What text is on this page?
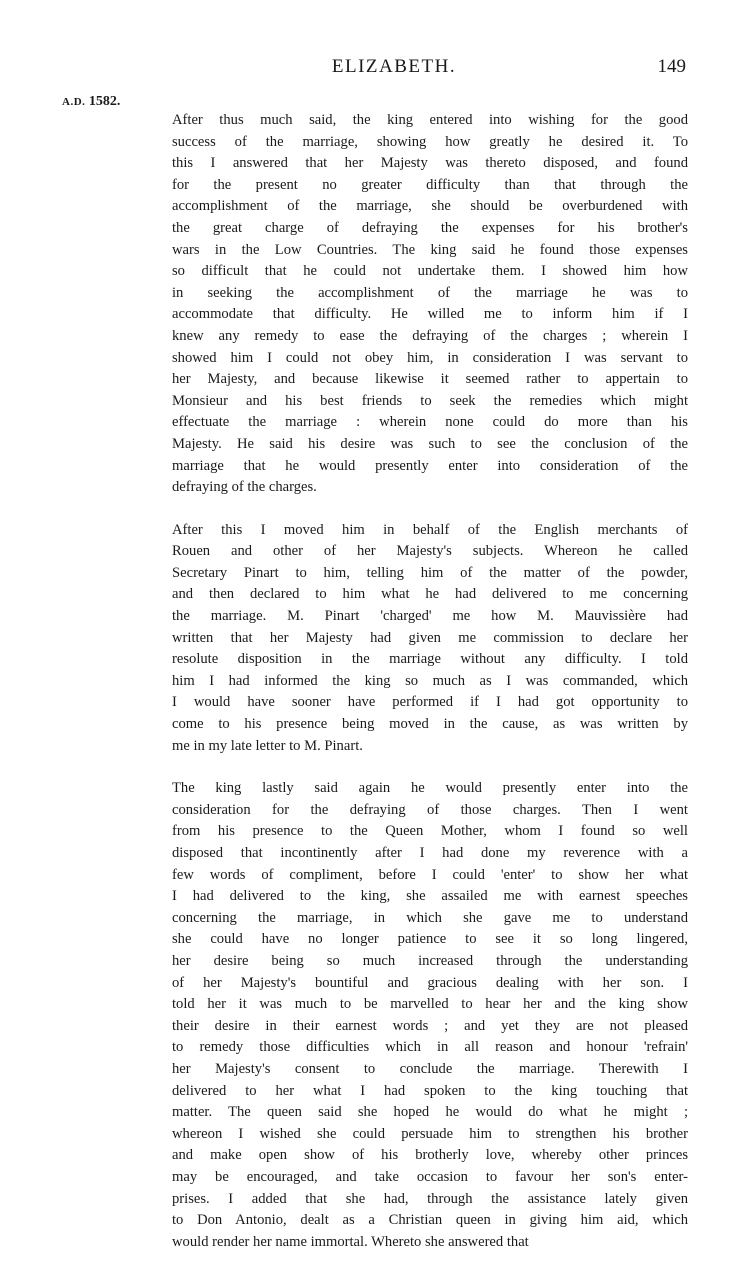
ELIZABETH.	149
A.D. 1582.

After thus much said, the king entered into wishing for the good
success of the marriage, showing how greatly he desired it. To
this I answered that her Majesty was thereto disposed, and found
for the present no greater difficulty than that through the
accomplishment of the marriage, she should be overburdened with
the great charge of defraying the expenses for his brother's
wars in the Low Countries. The king said he found those expenses
so difficult that he could not undertake them. I showed him how
in seeking the accomplishment of the marriage he was to
accommodate that difficulty. He willed me to inform him if I
knew any remedy to ease the defraying of the charges ; wherein I
showed him I could not obey him, in consideration I was servant to
her Majesty, and because likewise it seemed rather to appertain to
Monsieur and his best friends to seek the remedies which might
effectuate the marriage : wherein none could do more than his
Majesty. He said his desire was such to see the conclusion of the
marriage that he would presently enter into consideration of the
defraying of the charges.

After this I moved him in behalf of the English merchants of
Rouen and other of her Majesty's subjects. Whereon he called
Secretary Pinart to him, telling him of the matter of the powder,
and then declared to him what he had delivered to me concerning
the marriage. M. Pinart 'charged' me how M. Mauvissière had
written that her Majesty had given me commission to declare her
resolute disposition in the marriage without any difficulty. I told
him I had informed the king so much as I was commanded, which
I would have sooner have performed if I had got opportunity to
come to his presence being moved in the cause, as was written by
me in my late letter to M. Pinart.

The king lastly said again he would presently enter into the
consideration for the defraying of those charges. Then I went
from his presence to the Queen Mother, whom I found so well
disposed that incontinently after I had done my reverence with a
few words of compliment, before I could 'enter' to show her what
I had delivered to the king, she assailed me with earnest speeches
concerning the marriage, in which she gave me to understand
she could have no longer patience to see it so long lingered,
her desire being so much increased through the understanding
of her Majesty's bountiful and gracious dealing with her son. I
told her it was much to be marvelled to hear her and the king show
their desire in their earnest words ; and yet they are not pleased
to remedy those difficulties which in all reason and honour 'refrain'
her Majesty's consent to conclude the marriage. Therewith I
delivered to her what I had spoken to the king touching that
matter. The queen said she hoped he would do what he might ;
whereon I wished she could persuade him to strengthen his brother
and make open show of his brotherly love, whereby other princes
may be encouraged, and take occasion to favour her son's enter-
prises. I added that she had, through the assistance lately given
to Don Antonio, dealt as a Christian queen in giving him aid, which
would render her name immortal. Whereto she answered that
